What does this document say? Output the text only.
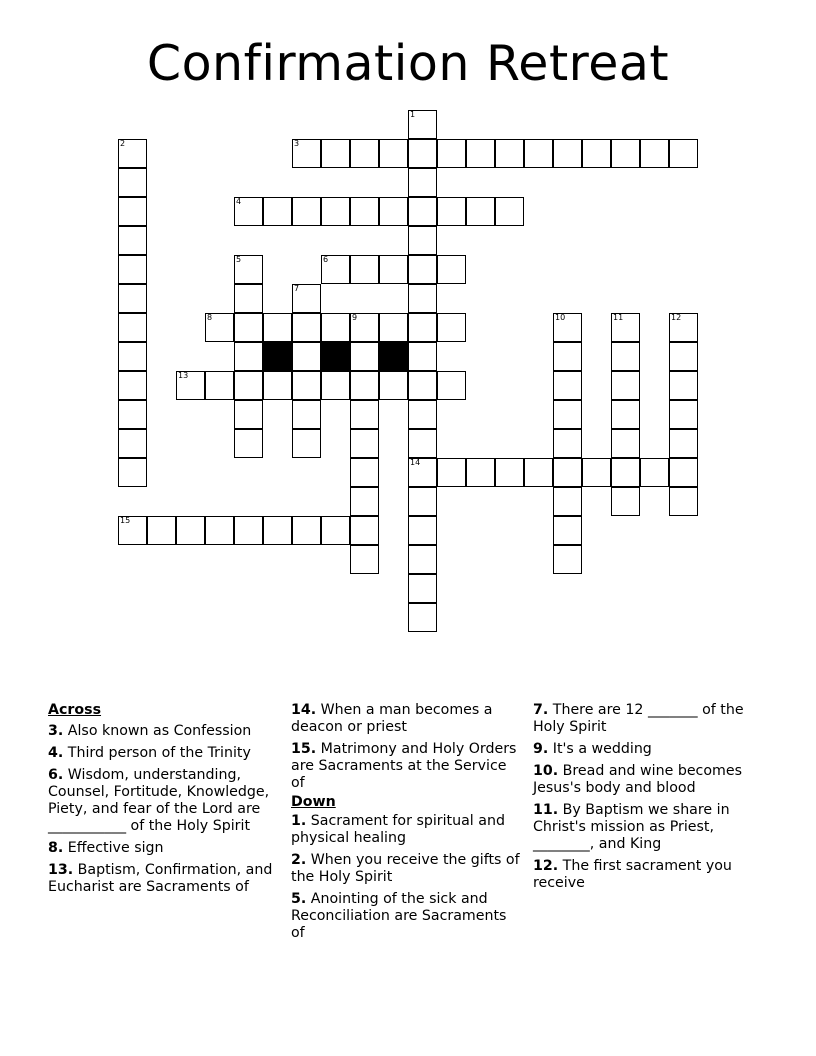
Confirmation Retreat
1
14
2	3
4
5	6
7
8	9	10	11	12
13
15
Across
3. Also known as Confession
4. Third person of the Trinity
6. Wisdom, understanding, Counsel, Fortitude, Knowledge, Piety, and fear of the Lord are ___________ of the Holy Spirit
8. Effective sign
13. Baptism, Confirmation, and Eucharist are Sacraments of
14. When a man becomes a deacon or priest
15. Matrimony and Holy Orders are Sacraments at the Service of
Down
1. Sacrament for spiritual and physical healing
2. When you receive the gifts of the Holy Spirit
5. Anointing of the sick and Reconciliation are Sacraments of
7. There are 12 _______ of the Holy Spirit
9. It's a wedding
10. Bread and wine becomes Jesus's body and blood
11. By Baptism we share in Christ's mission as Priest, ________, and King
12. The first sacrament you receive
